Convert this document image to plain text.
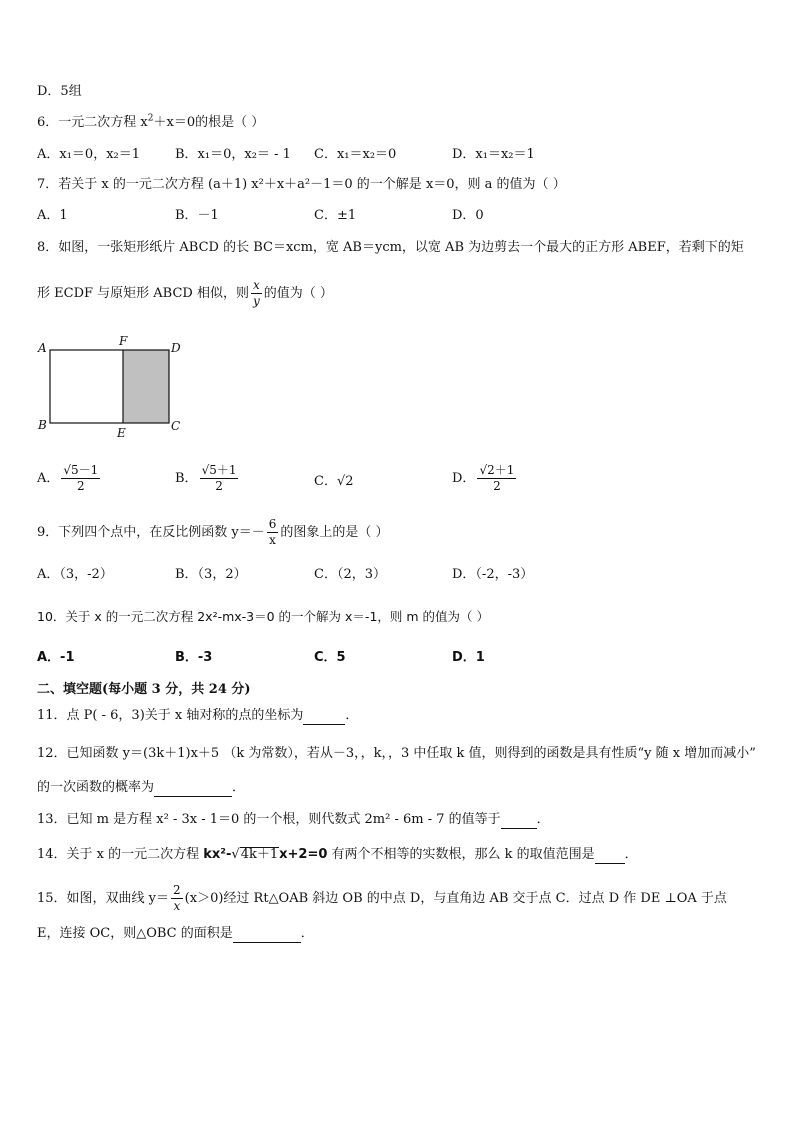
D．5组
6．一元二次方程 $x^2+x=0$的根是（ ）
A．x₁＝0，x₂＝1	B．x₁＝0，x₂＝ - 1 C．x₁＝x₂＝0	D．x₁＝x₂＝1
7．若关于 x 的一元二次方程 (a＋1) x²＋x＋a²－1＝0 的一个解是 x＝0，则 a 的值为（ ）
A．1	B．－1	C．±1	D．0
8．如图，一张矩形纸片 ABCD 的长 BC＝xcm，宽 AB＝ycm，以宽 AB 为边剪去一个最大的正方形 ABEF，若剩下的矩
形 ECDF 与原矩形 ABCD 相似，则 $\frac{x}{y}$ 的值为（ ）
A	F	D
B
E	C
A． $\frac{√5-1}{2}$	B． $\frac{√5+1}{2}$	C．√2	D． $\frac{√2+1}{2}$
9．下列四个点中，在反比例函数 $y=- \frac{6}{x}$ 的图象上的是（ ）
A．（3，-2）	B．（3，2）	C．（2，3）	D．（-2，-3）
10．关于 x 的一元二次方程 2x²-mx-3＝0 的一个解为 x＝-1，则 m 的值为（ ）
A．-1	B．-3	C．5	D．1
二、填空题(每小题 3 分，共 24 分)
11．点 P( - 6，3)关于 x 轴对称的点的坐标为	．
12．已知函数 y＝(3k＋1)x＋5 （k 为常数），若从－3，，k，，3 中任取 k 值，则得到的函数是具有性质“y 随 x 增加而减小”
的一次函数的概率为	．
13．已知 m 是方程 x² - 3x - 1＝0 的一个根，则代数式 2m² - 6m - 7 的值等于	．
14．关于 x 的一元二次方程 kx²-√4k＋1x+2=0 有两个不相等的实数根，那么 k 的取值范围是 ．
15．如图，双曲线 $y= \frac{2}{x} (x>0)$经过 Rt△OAB 斜边 OB 的中点 D，与直角边 AB 交于点 C．过点 D 作 DE ⊥OA 于点
E，连接 OC，则△OBC 的面积是	．
